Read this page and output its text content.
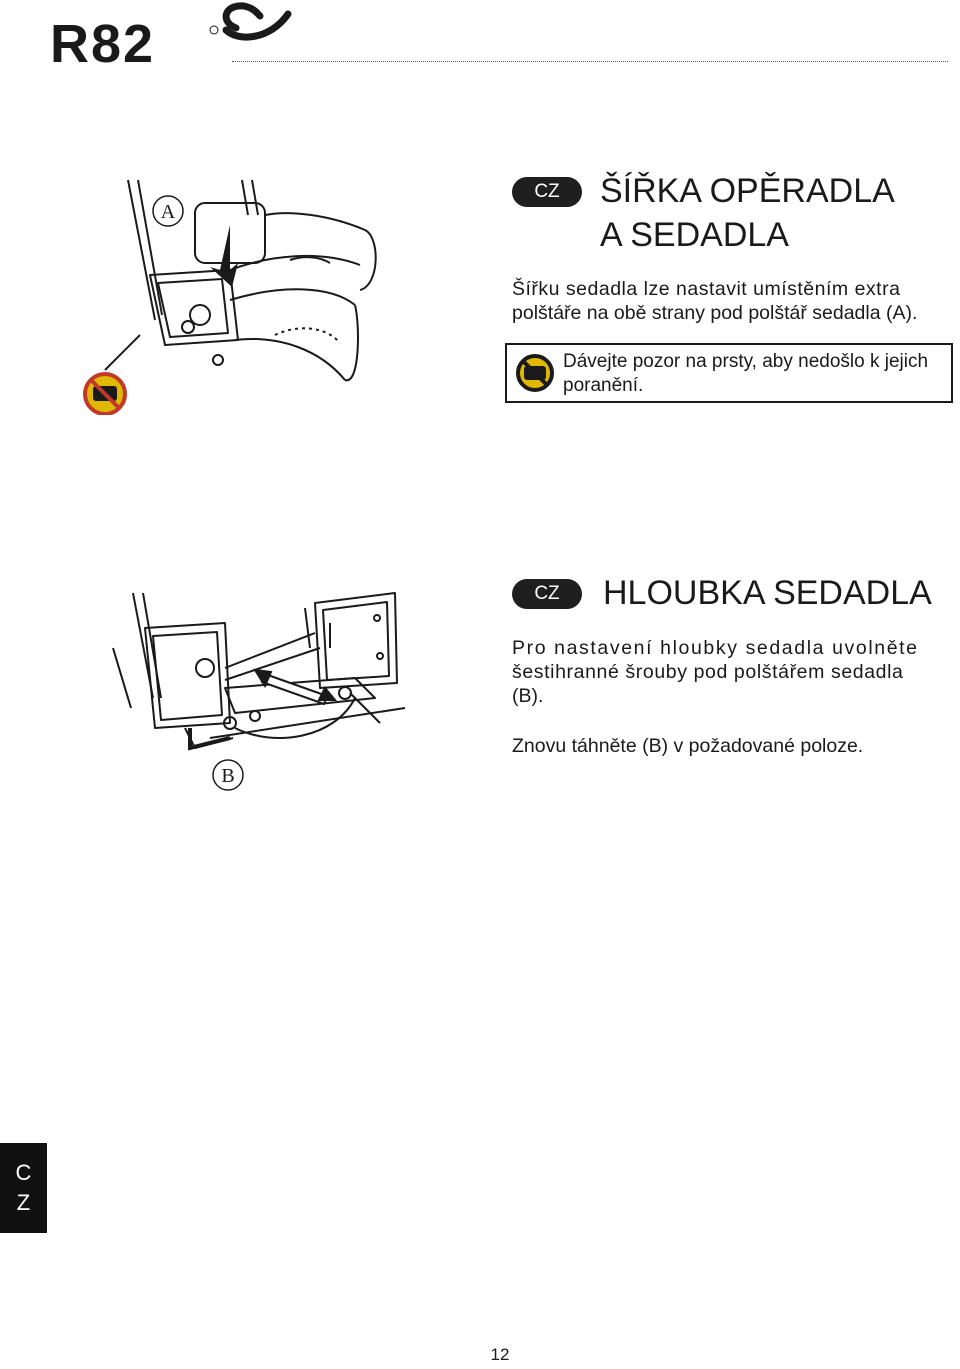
R82
A
CZ	ŠÍŘKA OPĚRADLA
A SEDADLA

Šířku sedadla lze nastavit umístěním extra

polštáře na obě strany pod polštář sedadla (A).

Dávejte pozor na prsty, aby nedošlo k jejich

poranění.

B
CZ	HLOUBKA SEDADLA

Pro nastavení hloubky sedadla uvolněte

šestihranné šrouby pod polštářem sedadla

(B).

Znovu táhněte (B) v požadované poloze.

C
Z
12
